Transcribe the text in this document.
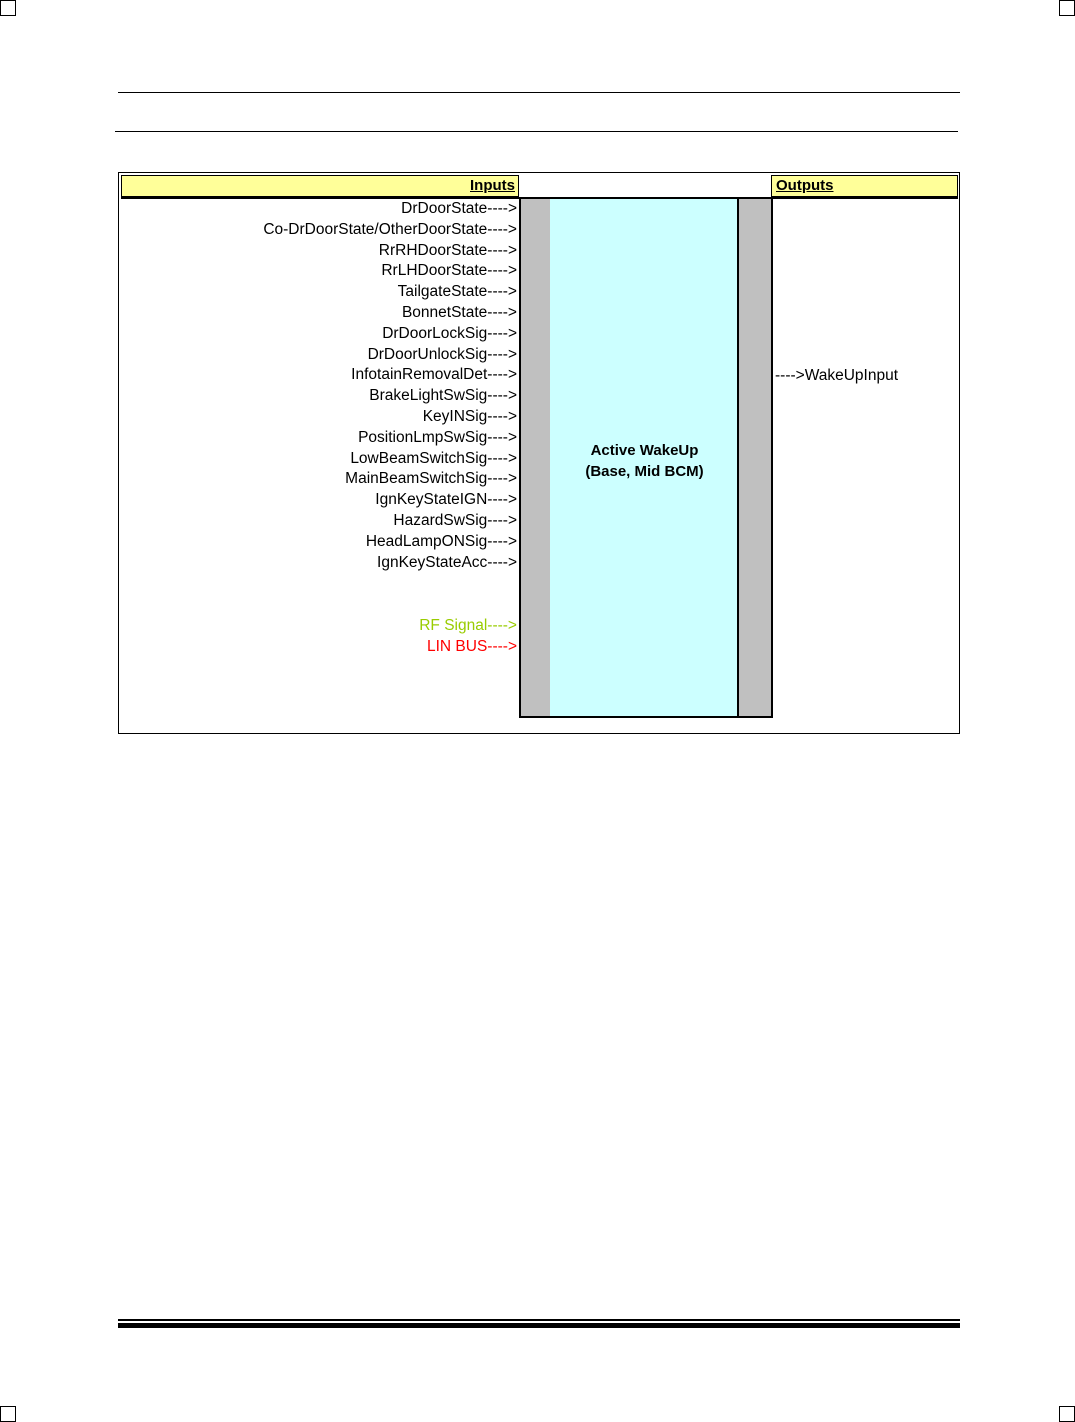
Inputs	Outputs
DrDoorState---->
Co-DrDoorState/OtherDoorState---->
RrRHDoorState---->
RrLHDoorState---->
TailgateState---->
BonnetState---->
DrDoorLockSig---->
DrDoorUnlockSig---->
InfotainRemovalDet---->
BrakeLightSwSig---->
KeyINSig---->
PositionLmpSwSig---->
LowBeamSwitchSig---->
MainBeamSwitchSig---->
IgnKeyStateIGN---->
HazardSwSig---->
HeadLampONSig---->
IgnKeyStateAcc---->
RF Signal---->
LIN BUS---->
---->WakeUpInput
Active WakeUp
(Base, Mid BCM)
